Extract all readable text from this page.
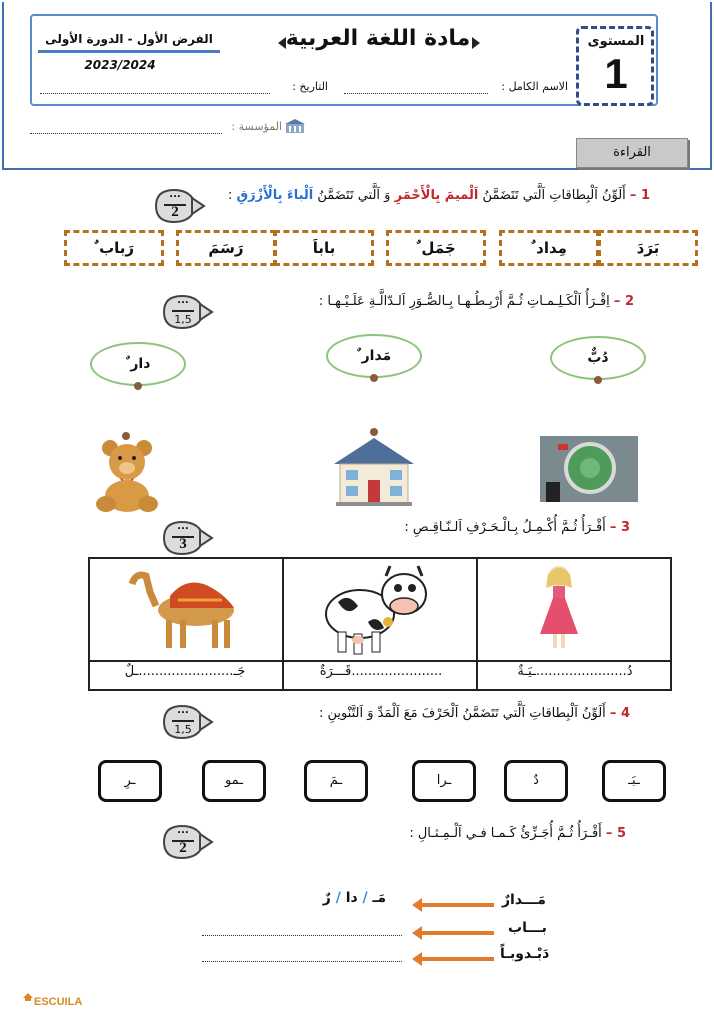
المستوى
1
مادة اللغة العربية
الفرض الأول - الدورة الأولى
2023/2024
الاسم الكامل :
التاريخ :
المؤسسة :
القراءة
...
2
1 – أَلَوِّنُ اَلْبِطاقاتِ اَلَّتي تَتَضَمَّنُ اَلْميمَ بِالْأَحْمَرِ وَ اَلَّتي تَتَضَمَّنُ اَلْباءَ بِالْأَزْرَقِ :
بَرَدَ
مِداد ٌ
جَمَل ٌ
باباَ
رَسَمَ
رَباب ٌ
...
1,5
2 – اِقْـرَأُ اَلْكَـلِـمـاتِ ثُـمَّ أَرْبِـطُـهـا بِـالصُّـوَرِ اَلـدّالَّـةِ عَلَـيْـهـا :
دُبٌّ
مَدار ٌ
دار ٌ
...
3
3 – أَقْـرَأُ ثُـمَّ أُكْـمِـلُ بِـالْـحَـرْفِ اَلـنّـاقِـصِ :
دُ......................ـيَـةٌ
......................قَـــرَةٌ
جَـ.......................ـلٌ
...
1,5
4 – أَلَوِّنُ اَلْبِطاقاتِ اَلَّتي تَتَضَمَّنُ اَلْحَرْفَ مَعَ اَلْمَدِّ وَ اَلتَّنْوينِ :
ـبَـ
دٌ
ـرا
ـمَ
ـمو
ـرِ
...
2
5 – أَقْـرَأُ ثُـمَّ أُجَـزِّئُ كَـمـا فـي اَلْـمِـثـالِ :
مَـــدارٌ
مَـ / دا / رٌ
بـــاب
دَبْـدوبـاً
ESCUILA
